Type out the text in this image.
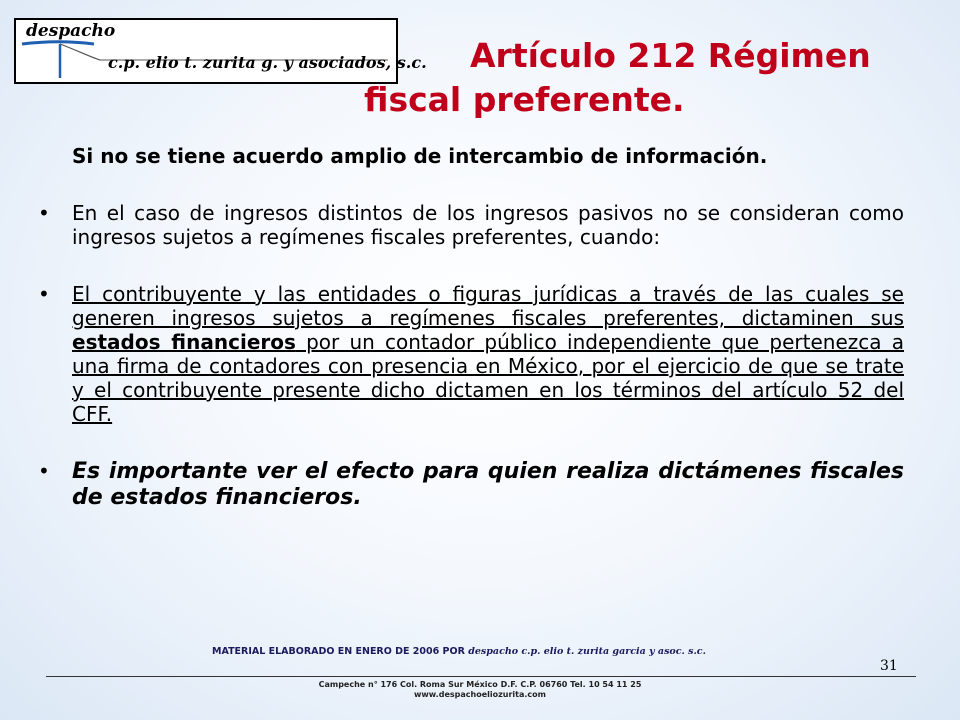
despacho
c.p. elio t. zurita g. y asociados, s.c.	Artículo 212 Régimen
fiscal preferente.

Si no se tiene acuerdo amplio de intercambio de información.

• En el caso de ingresos distintos de los ingresos pasivos no se consideran como ingresos sujetos a regímenes fiscales preferentes, cuando:

• El contribuyente y las entidades o figuras jurídicas a través de las cuales se generen ingresos sujetos a regímenes fiscales preferentes, dictaminen sus estados financieros por un contador público independiente que pertenezca a una firma de contadores con presencia en México, por el ejercicio de que se trate y el contribuyente presente dicho dictamen en los términos del artículo 52 del CFF.

• Es importante ver el efecto para quien realiza dictámenes fiscales de estados financieros.

MATERIAL ELABORADO EN ENERO DE 2006 POR despacho c.p. elio t. zurita garcia y asoc. s.c.
31
Campeche n° 176 Col. Roma Sur México D.F. C.P. 06760 Tel. 10 54 11 25
www.despachoeliozurita.com
